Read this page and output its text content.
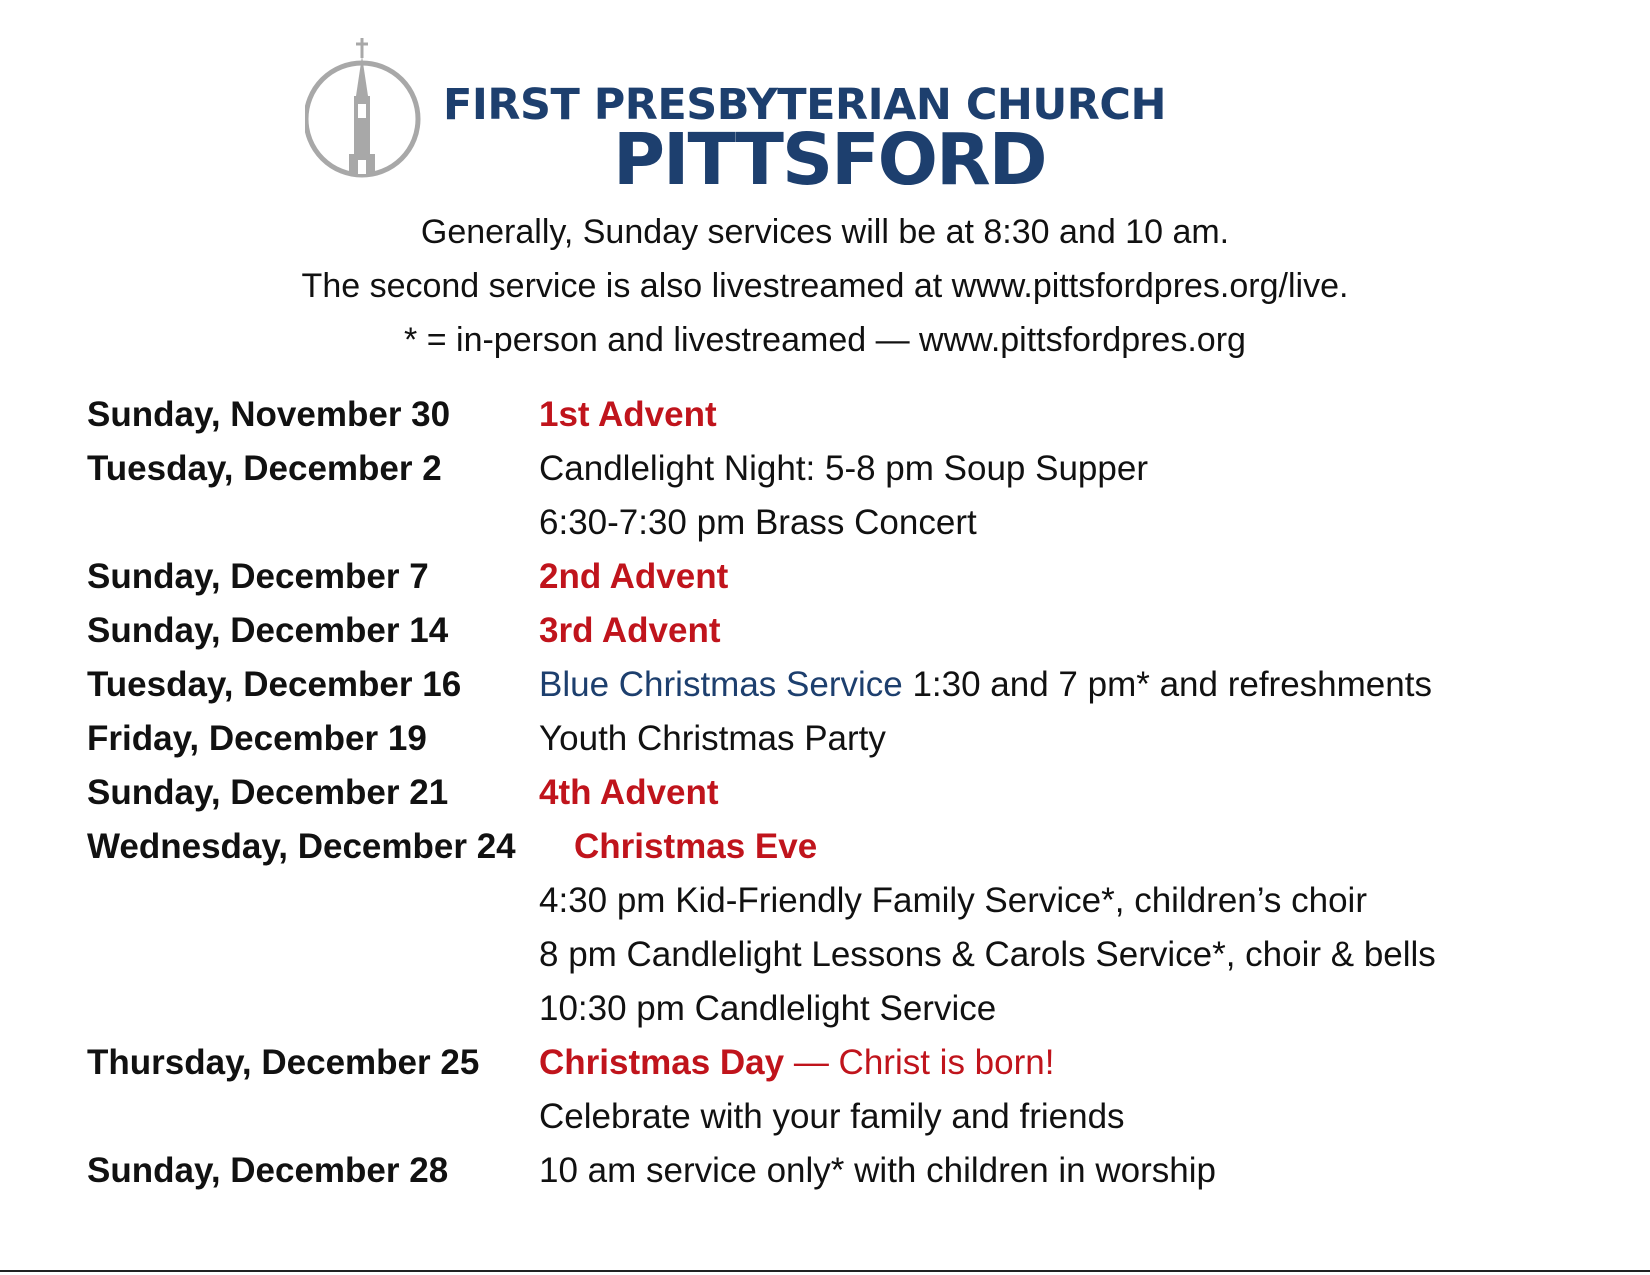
FIRST PRESBYTERIAN CHURCH
PITTSFORD
Generally, Sunday services will be at 8:30 and 10 am.
The second service is also livestreamed at www.pittsfordpres.org/live.
* = in-person and livestreamed — www.pittsfordpres.org
Sunday, November 30	1st Advent
Tuesday, December 2	Candlelight Night: 5-8 pm Soup Supper
6:30-7:30 pm Brass Concert
Sunday, December 7	2nd Advent
Sunday, December 14	3rd Advent
Tuesday, December 16 Blue Christmas Service 1:30 and 7 pm* and refreshments
Friday, December 19	Youth Christmas Party
Sunday, December 21	4th Advent
Wednesday, December 24 Christmas Eve
4:30 pm Kid-Friendly Family Service*, children’s choir
8 pm Candlelight Lessons & Carols Service*, choir & bells
10:30 pm Candlelight Service
Thursday, December 25 Christmas Day — Christ is born!
Celebrate with your family and friends
Sunday, December 28	10 am service only* with children in worship
